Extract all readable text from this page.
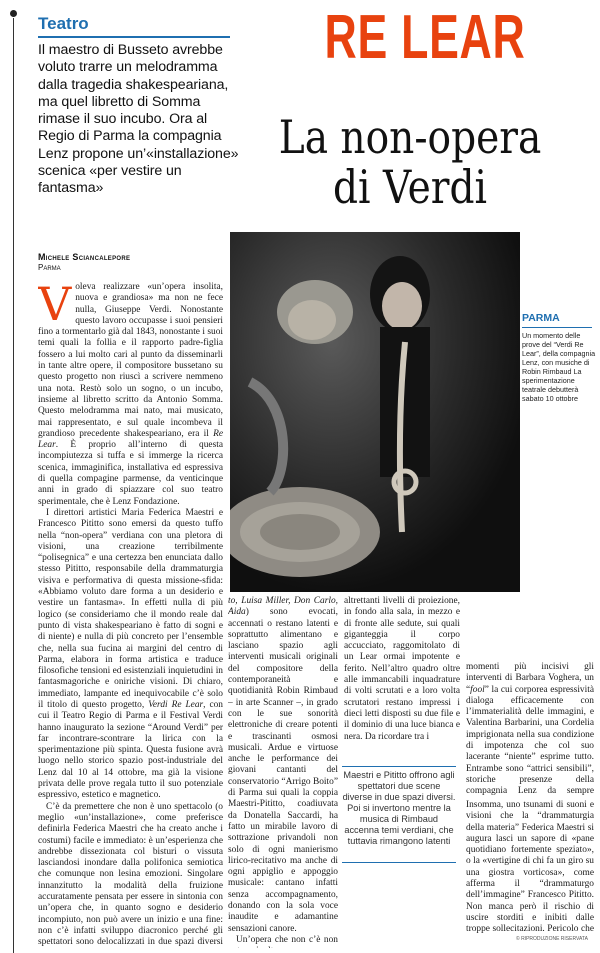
Teatro
Il maestro di Busseto avrebbe voluto trarre un melodramma dalla tragedia shakespeariana, ma quel libretto di Somma rimase il suo incubo. Ora al Regio di Parma la compagnia Lenz propone un’«installazione» scenica «per vestire un fantasma»
RE LEAR
La non-opera di Verdi
Michele Sciancalepore
Parma
PARMA
Un momento delle prove del “Verdi Re Lear”, della compagnia Lenz, con musiche di Robin Rimbaud La sperimentazione teatrale debutterà sabato 10 ottobre

Voleva realizzare «un’opera insolita, nuova e grandiosa» ma non ne fece nulla, Giuseppe Verdi. Nonostante questo lavoro occupasse i suoi pensieri fino a tormentarlo già dal 1843, nonostante i suoi temi quali la follia e il rapporto padre-figlia fossero a lui molto cari al punto da disseminarli in tante altre opere, il compositore bussetano su questo progetto non riuscì a scrivere nemmeno una nota. Restò solo un sogno, o un incubo, insieme al libretto scritto da Antonio Somma. Questo melodramma mai nato, mai musicato, mai rappresentato, e sul quale incombeva il grandioso precedente shakespeariano, era il Re Lear. È proprio all’interno di questa incompiutezza si tuffa e si immerge la ricerca scenica, immaginifica, installativa ed espressiva di quella compagine parmense, da venticinque anni in grado di spiazzare col suo teatro sperimentale, che è Lenz Fondazione.

I direttori artistici Maria Federica Maestri e Francesco Pititto sono emersi da questo tuffo nella “non-opera” verdiana con una pletora di visioni, una creazione terribilmente “polisegnica” e una certezza ben enunciata dallo stesso Pititto, responsabile della drammaturgia visiva e performativa di questa missione-sfida: «Abbiamo voluto dare forma a un desiderio e vestire un fantasma». In effetti nulla di più logico (se consideriamo che il mondo reale dal punto di vista shakespeariano è fatto di sogni e di niente) e nulla di più concreto per l’ensemble che, nella sua fucina ai margini del centro di Parma, elabora in forma artistica e traduce filosofiche tensioni ed esistenziali inquietudini in fantasmagoriche e oniriche visioni. Di chiaro, immediato, lampante ed inequivocabile c’è solo il titolo di questo progetto, Verdi Re Lear, con cui il Teatro Regio di Parma e il Festival Verdi hanno inaugurato la sezione “Around Verdi” per far incontrare-scontrare la lirica con la sperimentazione più spinta. Questa fusione avrà luogo nello storico spazio post-industriale del Lenz dal 10 al 14 ottobre, ma già la visione privata delle prove regala tutto il suo potenziale espressivo, estetico e magnetico.

C’è da premettere che non è uno spettacolo (o meglio «un’installazione», come preferisce definirla Federica Maestri che ha creato anche i costumi) facile e immediato: è un’esperienza che andrebbe dissezionata col bisturi o vissuta lasciandosi inondare dalla polifonica semiotica che comunque non lesina emozioni. Singolare innanzitutto la modalità della fruizione accuratamente pensata per essere in sintonia con un’opera che, in quanto sogno e desiderio incompiuto, non può avere un inizio e una fine: non c’è infatti sviluppo diacronico perché gli spettatori sono delocalizzati in due spazi diversi

to, Luisa Miller, Don Carlo, Aida) sono evocati, accennati o restano latenti e soprattutto alimentano e lasciano spazio agli interventi musicali originali del compositore della contemporaneità e quotidianità Robin Rimbaud – in arte Scanner –, in grado con le sue sonorità elettroniche di creare potenti e trascinanti osmosi musicali. Ardue e virtuose anche le performance dei giovani cantanti del conservatorio “Arrigo Boito” di Parma sui quali la coppia Maestri-Pititto, coadiuvata da Donatella Saccardi, ha fatto un mirabile lavoro di sottrazione privandoli non solo di ogni manierismo lirico-recitativo ma anche di ogni appiglio e appoggio musicale: cantano infatti senza accompagnamento, donando con la sola voce inaudite e adamantine sensazioni canore.

Un’opera che non c’è non

altrettanti livelli di proiezione, in fondo alla sala, in mezzo e di fronte alle sedute, sui quali giganteggia il corpo accucciato, raggomitolato di un Lear ormai impotente e ferito. Nell’altro quadro oltre alle immancabili inquadrature di volti scrutati e a loro volta scrutatori restano impressi i dieci letti disposti su due file e il dominio di una luce bianca e nera. Da ricordare tra i

Maestri e Pititto offrono agli spettatori due scene diverse in due spazi diversi. Poi si invertono mentre la musica di Rimbaud accenna temi verdiani, che tuttavia rimangono latenti

momenti più incisivi gli interventi di Barbara Voghera, un “fool” la cui corporea espressività dialoga efficacemente con l’immaterialità delle immagini, e Valentina Barbarini, una Cordelia imprigionata nella sua condizione di impotenza che col suo lacerante “niente” esprime tutto. Entrambe sono “attrici sensibili”, storiche presenze della compagnia Lenz da sempre

Insomma, uno tsunami di suoni e visioni che la “drammaturgia della materia” Federica Maestri si augura lasci un sapore di «pane quotidiano fortemente speziato», o la «vertigine di chi fa un giro su una giostra vorticosa», come afferma il “drammaturgo dell’immagine” Francesco Pititto. Non manca però il rischio di uscire storditi e inibiti dalle troppe sollecitazioni. Pericolo che

© RIPRODUZIONE RISERVATA
